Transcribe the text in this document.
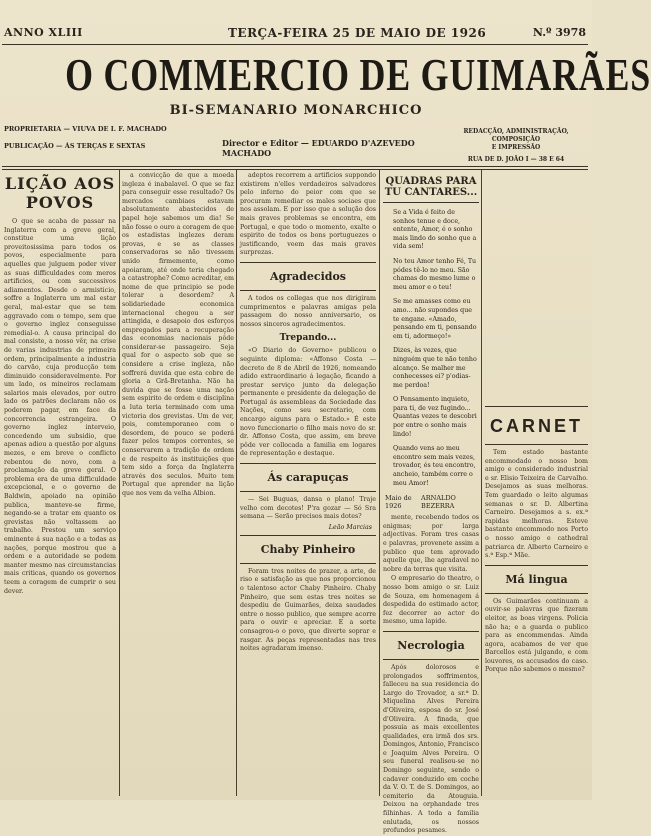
ANNO XLIII	TERÇA-FEIRA 25 DE MAIO DE 1926	N.º 3978
O COMMERCIO DE GUIMARÃES
BI-SEMANARIO MONARCHICO
PROPRIETARIA — VIUVA DE I. F. MACHADO
PUBLICAÇÃO — ÁS TERÇAS E SEXTAS	Director e Editor — EDUARDO D'AZEVEDO MACHADO
REDACÇÃO, ADMINISTRAÇÃO, COMPOSIÇÃO
E IMPRESSÃO
RUA DE D. JOÃO I — 38 E 64
LIÇÃO AOS POVOS

O que se acaba de passar na Inglaterra com a greve geral, constitue uma lição proveitosissima para todos os povos, especialmente para aquelles que julguem poder viver as suas difficuldades com meros artificios, ou com successivos adiamentos. Desde o armisticio, soffre a Inglaterra um mal estar geral, mal-estar que se tem aggravado com o tempo, sem que o governo inglez conseguisse remedial-o. A causa principal do mal consiste, a nosso vêr, na crise de varias industrias de primeira ordem, principalmente a industria do carvão, cuja producção tem diminuido consideravelmente. Por um lado, os mineiros reclamam salarios mais elevados, por outro lado os patrões declaram não os poderem pagar, em face da concorrencia estrangeira. O governo inglez interveio, concedendo um subsidio, que apenas adiou a questão por alguns mezes, e em breve o conflicto rebentou de novo, com a proclamação da greve geral. O problema era de uma difficuldade excepcional, e o governo de Baldwin, apoiado na opinião publica, manteve-se firme, negando-se a tratar em quanto os grevistas não voltassem ao trabalho. Prestou um serviço eminente á sua nação e a todas as nações, porque mostrou que a ordem e a autoridade se podem manter mesmo nas circumstancias mais criticas, quando os governos teem a coragem de cumprir o seu dever.

a convicção de que a moeda ingleza é inabalavel. O que se faz para conseguir esse resultado? Os mercados cambiaes estavam absolutamente abastecidos de papel hoje sabemos um dia! Se não fosse o ouro a coragem de que os estadistas inglezes deram provas, e se as classes conservadoras se não tivessem unido firmemente, como apoiaram, até onde teria chegado a catastrophe? Como acreditar, em nome de que principio se pode tolerar a desordem? A solidariedade economica internacional chegou a ser attingida, e desapoio dos esforços empregados para a recuperação das economias nacionais pôde considerar-se passageiro. Seja qual for o aspecto sob que se considere a crise ingleza, não soffrerá duvida que esta cobre de gloria a Grã-Bretanha. Não ha duvida que se fosse uma nação sem espirito de ordem e disciplina a luta teria terminado com uma victoria dos grevistas. Um de ver, pois, comtemporaneo com o desordem, de pouco se poderá fazer pelos tempos correntes, se conservarem a tradição de ordem e de respeito ás instituições que tem sido a força da Inglaterra através dos seculos. Muito tem Portugal que aprender na lição que nos vem da velha Albion.

adeptos recorrem a artificios suppondo existirem n'elles verdadeiros salvadores pelo inferno do peior com que se procuram remediar os males sociaes que nos assolam. E por isso que a solução dos mais graves problemas se encontra, em Portugal, e que todo o momento, exalte o espirito de todos os bons portuguezes o justificando, veem das mais graves surprezas.

Agradecidos

A todos os collegas que nos dirigiram cumprimentos e palavras amigas pela passagem do nosso anniversario, os nossos sinceros agradecimentos.

Trepando...

«O Diario do Governo» publicou o seguinte diploma: «Affonso Costa — decreto de 8 de Abril de 1926, nomeando adido extraordinario á legação, ficando a prestar serviço junto da delegação permanente e presidente da delegação de Portugal ás assembleas da Sociedade das Nações, como seu secretario, com encargo aiguns para o Estado.» É este novo funccionario o filho mais novo do sr. dr. Affonso Costa, que assim, em breve pôde ver collocada a familia em logares de representação e destaque.

Ás carapuças

— Sei Buguas, dansa o plano! Traje velho com decotes! P'ra gozar — Só Sra semana — Serão precisos mais dotes?

Leão Marcias
Chaby Pinheiro

Foram tres noites de prazer, a arte, de riso e satisfação as que nos proporcionou o talentoso actor Chaby Pinheiro. Chaby Pinheiro, que sem estas tres noites se despediu de Guimarães, deixa saudades entre o nosso publico, que sempre acorre para o ouvir e apreciar. E a sorte consagrou-o o povo, que diverte soprar e rasgar. As peças representadas nas tres noites agradaram imenso.

QUADRAS PARA TU CANTARES...
Se a Vida é feito de sonhos tenue e doce, entente, Amor, é o sonho mais lindo do sonho que a vida sem!
No teu Amor tenho Fé, Tu pódes tê-lo no meu. São chamas do mesmo lume o meu amor e o teu!
Se me amasses como eu amo... não supondes que te engane. «Amado, pensando em ti, pensando em ti, adormeço!»
Dizes, às vezes, que ninguém que te não tenho alcanço. Se malher me conhecesses ei? p'odias-me perdoa!
O Pensamento inquieto, para ti, de vez fugindo... Quantas vezes te descobri por entre o sonho mais lindo!
Quando vens ao meu encontro sem mais vezes, trovador, és teu encontro, ancheio, também corre o meu Amor!
Maio de 1926
ARNALDO BEZERRA

mente, recebendo todos os enigmas; por larga adjectivas. Foram tres casas e palavras, provenete assim a publico que tem aprovado aquelle que, lhe agradavel no nobre da terras que visita.

O empresario do theatro, o nosso bom amigo o sr. Luiz de Souza, em homenagem á despedida do estimado actor, fez decorrer ao actor do mesmo, uma lapide.

Necrologia

Após dolorosos e prolongados soffrimentos, falleceu na sua residencia do Largo do Trovador, a sr.ª D. Miquelina Alves Pereira d'Oliveira, esposa do sr. José d'Oliveira. A finada, que possuia as mais excellentes qualidades, era irmã dos srs. Domingos, Antonio, Francisco e Joaquim Alves Pereira. O seu funeral realisou-se no Domingo seguinte, sendo o cadaver conduzido em coche da V. O. T. de S. Domingos, ao cemiterio da Atouguia. Deixou na orphandade tres filhinhas. A toda a familia enlutada, os nossos profundos pesames.

CARNET

Tem estado bastante encommodado o nosso bom amigo e considerado industrial e sr. Elisio Teixeira de Carvalho. Desejamos as suas melhoras. Tem guardado o leito algumas semanas o sr. D. Albertina Carneiro. Desejamos a s. ex.ª rapidas melhoras. Esteve bastante encommodo nos Porto o nosso amigo e cathedral patriarca dr. Alberto Carneiro e s.ª Esp.ª Mãe.

Má lingua

Os Guimarães continuam a ouvir-se palavras que fizeram eleitor, as boas virgens. Policia não ha; e a guarda o publico para as encommendas. Ainda agora, acabamos de ver que Barcellos está julgando, e com louvores, os accusados do caso. Porque não sabemos o mesmo?
